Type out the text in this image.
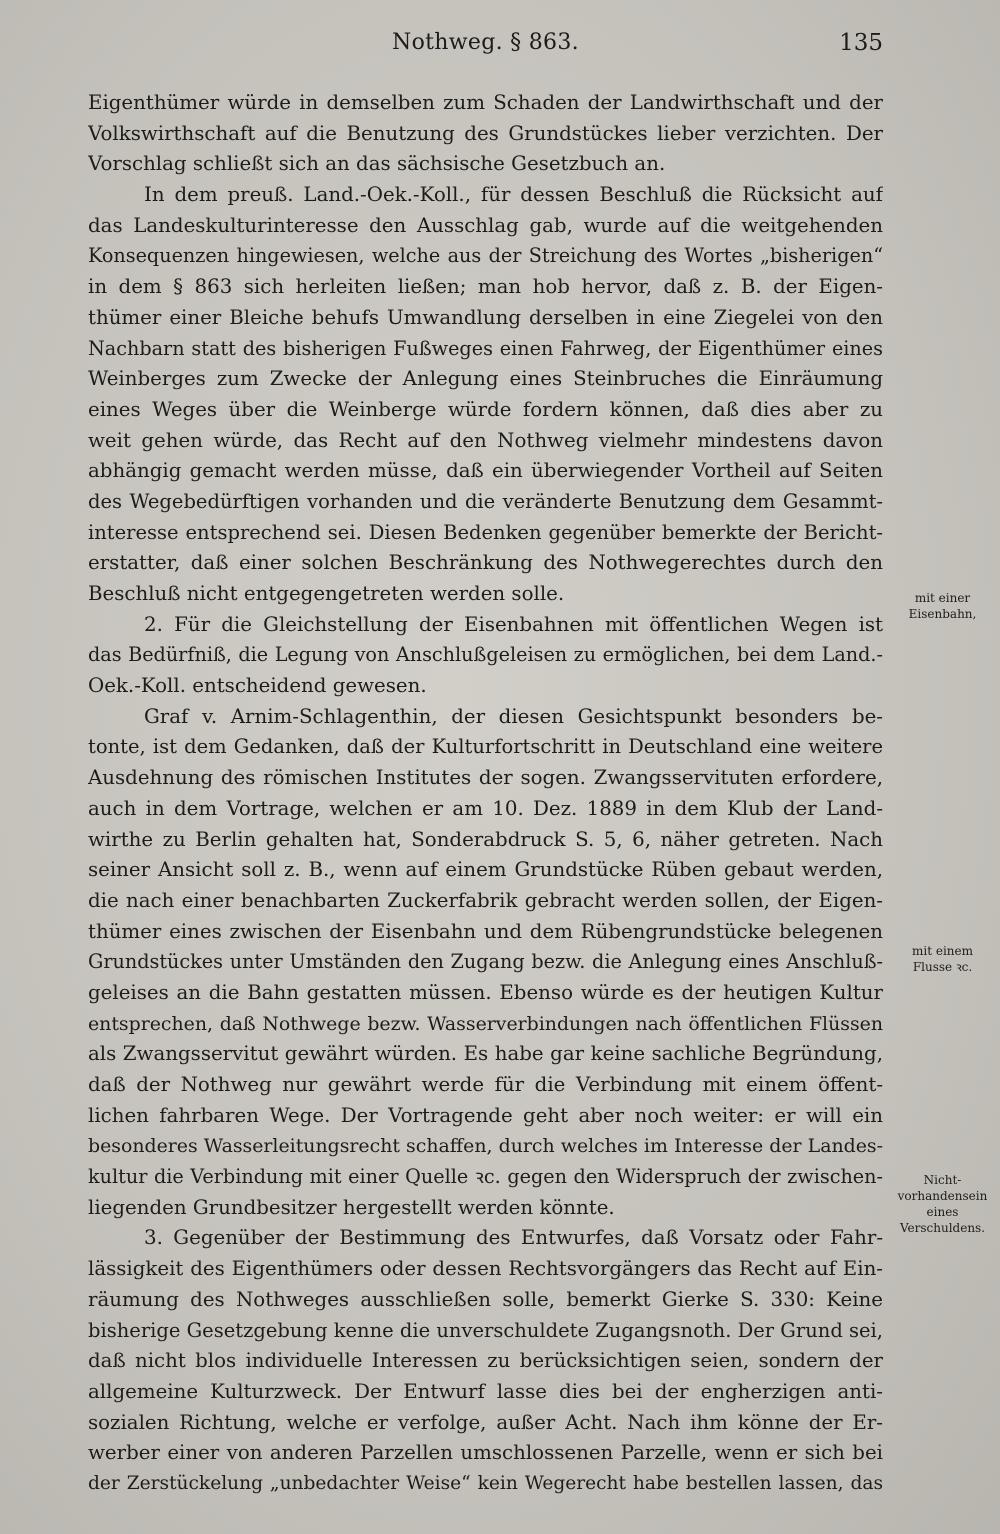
Nothweg. § 863.	135
Eigenthümer würde in demselben zum Schaden der Landwirthschaft und der
Volkswirthschaft auf die Benutzung des Grundstückes lieber verzichten. Der
Vorschlag schließt sich an das sächsische Gesetzbuch an.
In dem preuß. Land.-Oek.-Koll., für dessen Beschluß die Rücksicht auf
das Landeskulturinteresse den Ausschlag gab, wurde auf die weitgehenden
Konsequenzen hingewiesen, welche aus der Streichung des Wortes „bisherigen“
in dem § 863 sich herleiten ließen; man hob hervor, daß z. B. der Eigen-
thümer einer Bleiche behufs Umwandlung derselben in eine Ziegelei von den
Nachbarn statt des bisherigen Fußweges einen Fahrweg, der Eigenthümer eines
Weinberges zum Zwecke der Anlegung eines Steinbruches die Einräumung
eines Weges über die Weinberge würde fordern können, daß dies aber zu
weit gehen würde, das Recht auf den Nothweg vielmehr mindestens davon
abhängig gemacht werden müsse, daß ein überwiegender Vortheil auf Seiten
des Wegebedürftigen vorhanden und die veränderte Benutzung dem Gesammt-
interesse entsprechend sei. Diesen Bedenken gegenüber bemerkte der Bericht-
erstatter, daß einer solchen Beschränkung des Nothwegerechtes durch den
Beschluß nicht entgegengetreten werden solle.
2. Für die Gleichstellung der Eisenbahnen mit öffentlichen Wegen ist
das Bedürfniß, die Legung von Anschlußgeleisen zu ermöglichen, bei dem Land.-
Oek.-Koll. entscheidend gewesen.
Graf v. Arnim-Schlagenthin, der diesen Gesichtspunkt besonders be-
tonte, ist dem Gedanken, daß der Kulturfortschritt in Deutschland eine weitere
Ausdehnung des römischen Institutes der sogen. Zwangsservituten erfordere,
auch in dem Vortrage, welchen er am 10. Dez. 1889 in dem Klub der Land-
wirthe zu Berlin gehalten hat, Sonderabdruck S. 5, 6, näher getreten. Nach
seiner Ansicht soll z. B., wenn auf einem Grundstücke Rüben gebaut werden,
die nach einer benachbarten Zuckerfabrik gebracht werden sollen, der Eigen-
thümer eines zwischen der Eisenbahn und dem Rübengrundstücke belegenen
Grundstückes unter Umständen den Zugang bezw. die Anlegung eines Anschluß-
geleises an die Bahn gestatten müssen. Ebenso würde es der heutigen Kultur
entsprechen, daß Nothwege bezw. Wasserverbindungen nach öffentlichen Flüssen
als Zwangsservitut gewährt würden. Es habe gar keine sachliche Begründung,
daß der Nothweg nur gewährt werde für die Verbindung mit einem öffent-
lichen fahrbaren Wege. Der Vortragende geht aber noch weiter: er will ein
besonderes Wasserleitungsrecht schaffen, durch welches im Interesse der Landes-
kultur die Verbindung mit einer Quelle ꝛc. gegen den Widerspruch der zwischen-
liegenden Grundbesitzer hergestellt werden könnte.
3. Gegenüber der Bestimmung des Entwurfes, daß Vorsatz oder Fahr-
lässigkeit des Eigenthümers oder dessen Rechtsvorgängers das Recht auf Ein-
räumung des Nothweges ausschließen solle, bemerkt Gierke S. 330: Keine
bisherige Gesetzgebung kenne die unverschuldete Zugangsnoth. Der Grund sei,
daß nicht blos individuelle Interessen zu berücksichtigen seien, sondern der
allgemeine Kulturzweck. Der Entwurf lasse dies bei der engherzigen anti-
sozialen Richtung, welche er verfolge, außer Acht. Nach ihm könne der Er-
werber einer von anderen Parzellen umschlossenen Parzelle, wenn er sich bei
der Zerstückelung „unbedachter Weise“ kein Wegerecht habe bestellen lassen, das
mit einer
Eisenbahn,
mit einem
Flusse ꝛc.
Nicht-
vorhandensein
eines
Verschuldens.
